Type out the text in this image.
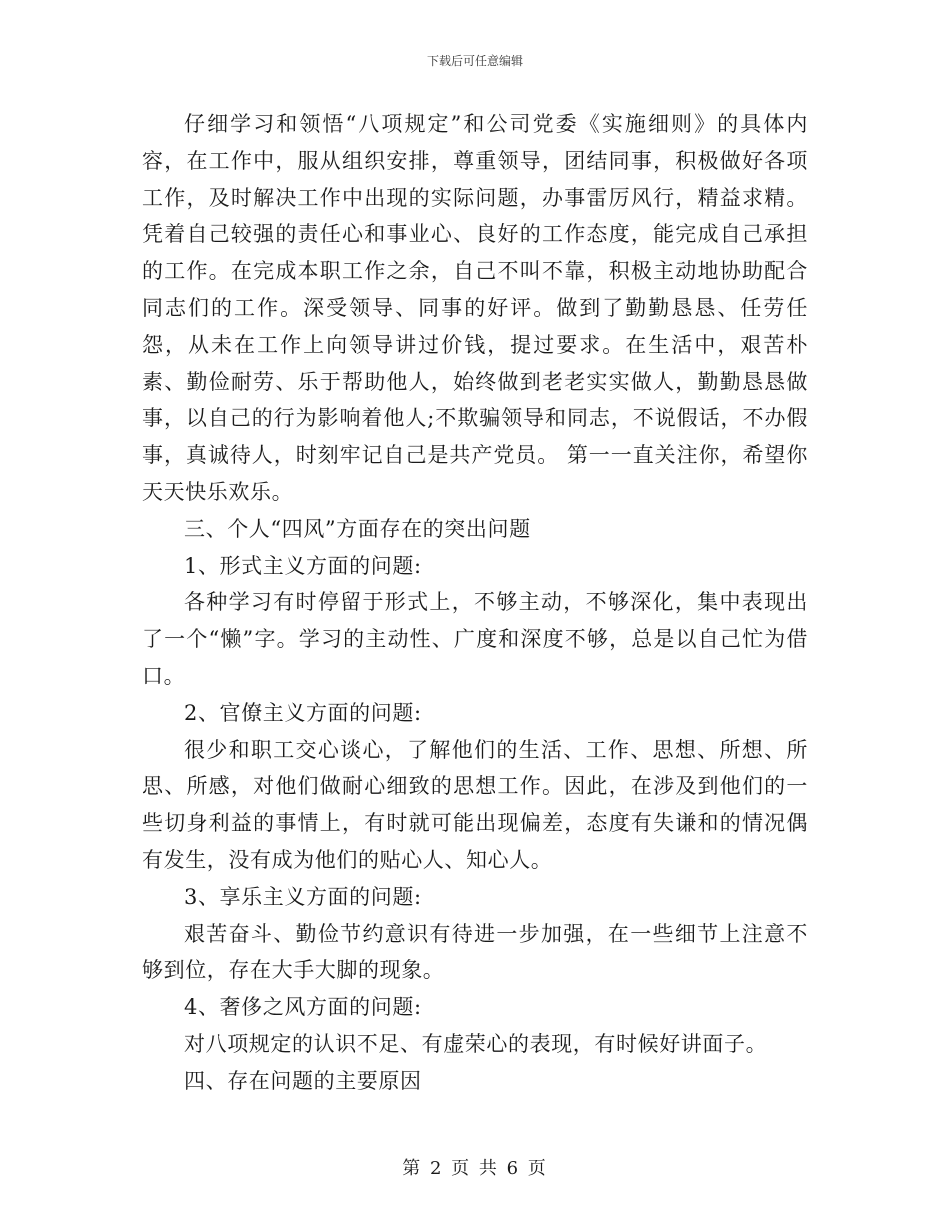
下载后可任意编辑

仔细学习和领悟“八项规定”和公司党委《实施细则》的具体内容，在工作中，服从组织安排，尊重领导，团结同事，积极做好各项工作，及时解决工作中出现的实际问题，办事雷厉风行，精益求精。凭着自己较强的责任心和事业心、良好的工作态度，能完成自己承担的工作。在完成本职工作之余，自己不叫不靠，积极主动地协助配合同志们的工作。深受领导、同事的好评。做到了勤勤恳恳、任劳任怨，从未在工作上向领导讲过价钱，提过要求。在生活中，艰苦朴素、勤俭耐劳、乐于帮助他人，始终做到老老实实做人，勤勤恳恳做事，以自己的行为影响着他人;不欺骗领导和同志，不说假话，不办假事，真诚待人，时刻牢记自己是共产党员。 第一一直关注你，希望你天天快乐欢乐。

三、个人“四风”方面存在的突出问题

1、形式主义方面的问题:

各种学习有时停留于形式上，不够主动，不够深化，集中表现出了一个“懒”字。学习的主动性、广度和深度不够，总是以自己忙为借口。

2、官僚主义方面的问题:

很少和职工交心谈心，了解他们的生活、工作、思想、所想、所思、所感，对他们做耐心细致的思想工作。因此，在涉及到他们的一些切身利益的事情上，有时就可能出现偏差，态度有失谦和的情况偶有发生，没有成为他们的贴心人、知心人。

3、享乐主义方面的问题:

艰苦奋斗、勤俭节约意识有待进一步加强，在一些细节上注意不够到位，存在大手大脚的现象。

4、奢侈之风方面的问题:

对八项规定的认识不足、有虚荣心的表现，有时候好讲面子。

四、存在问题的主要原因

第 2 页 共 6 页
